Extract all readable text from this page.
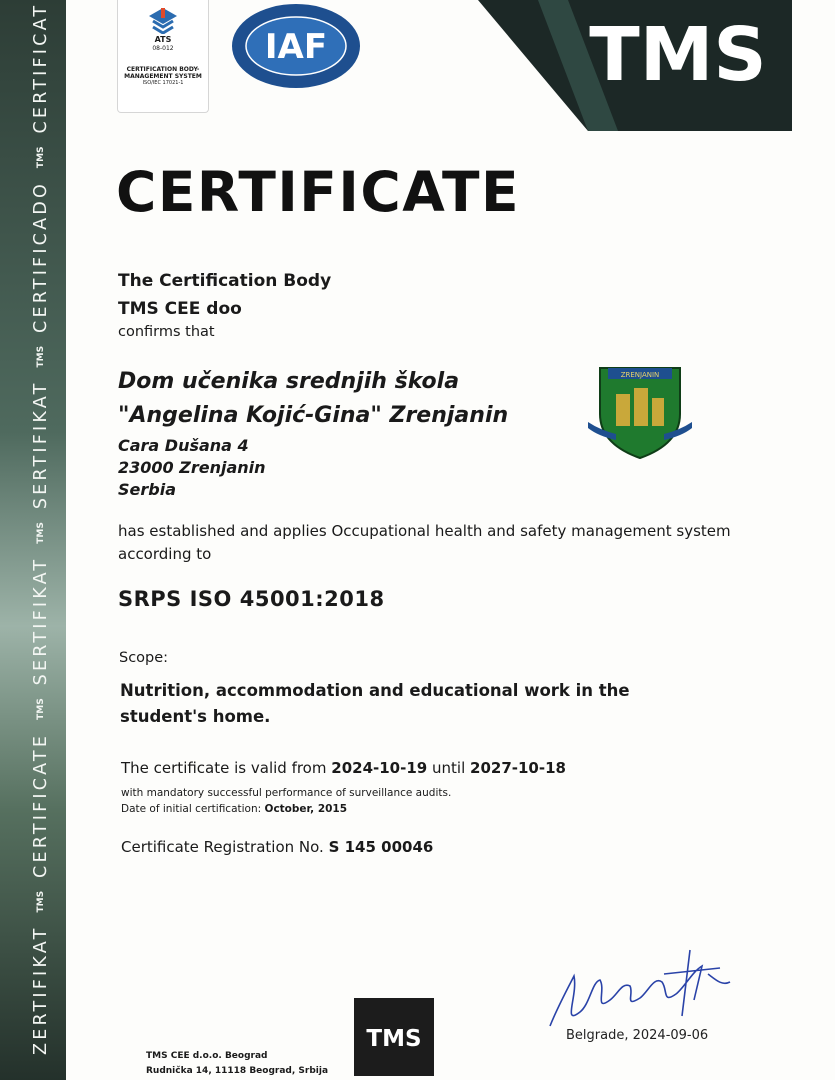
ZERTIFIKATTMSCERTIFICATETMSSERTIFIKATTMSSERTIFIKATTMSCERTIFICADOTMSCERTIFICAT	ATS
08-012
CERTIFICATION BODY-
MANAGEMENT SYSTEM
ISO/IEC 17021-1
IAF	TMS
CERTIFICATE
The Certification Body
TMS CEE doo
confirms that
Dom učenika srednjih škola
"Angelina Kojić-Gina" Zrenjanin
Cara Dušana 4
23000 Zrenjanin
Serbia
ZRENJANIN
has established and applies Occupational health and safety management system
according to
SRPS ISO 45001:2018
Scope:
Nutrition, accommodation and educational work in the
student's home.
The certificate is valid from 2024-10-19 until 2027-10-18
with mandatory successful performance of surveillance audits.
Date of initial certification: October, 2015
Certificate Registration No. S 145 00046
TMS
TMS CEE d.o.o. Beograd
Rudnička 14, 11118 Beograd, Srbija
Belgrade, 2024-09-06
